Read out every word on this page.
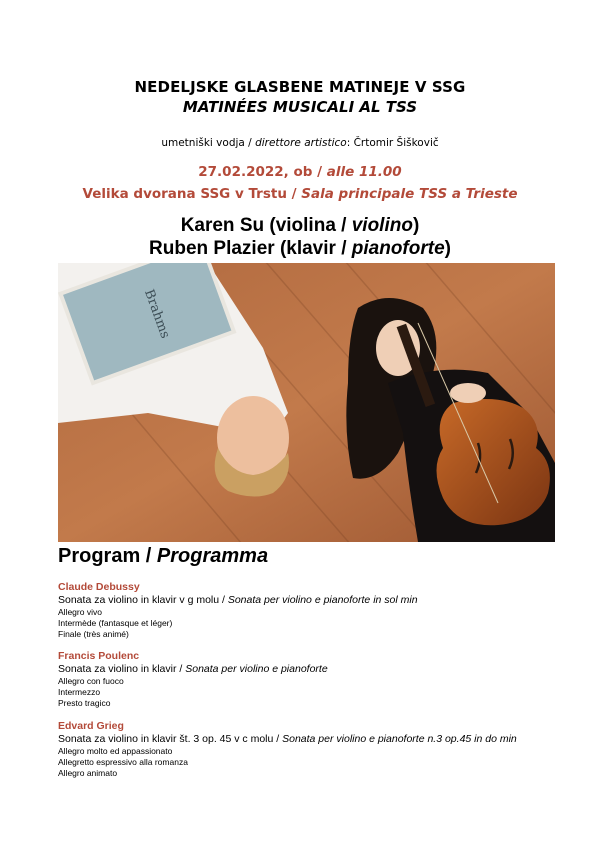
NEDELJSKE GLASBENE MATINEJE V SSG
MATINÉES MUSICALI AL TSS
umetniški vodja / direttore artistico: Črtomir Šiškovič
27.02.2022, ob / alle 11.00
Velika dvorana SSG v Trstu / Sala principale TSS a Trieste
Karen Su (violina / violino)
Ruben Plazier (klavir / pianoforte)
Brahms
Program / Programma
Claude Debussy
Sonata za violino in klavir v g molu / Sonata per violino e pianoforte in sol min
Allegro vivo
Intermède (fantasque et léger)
Finale (très animé)
Francis Poulenc
Sonata za violino in klavir / Sonata per violino e pianoforte
Allegro con fuoco
Intermezzo
Presto tragico
Edvard Grieg
Sonata za violino in klavir št. 3 op. 45 v c molu / Sonata per violino e pianoforte n.3 op.45 in do min
Allegro molto ed appassionato
Allegretto espressivo alla romanza
Allegro animato
